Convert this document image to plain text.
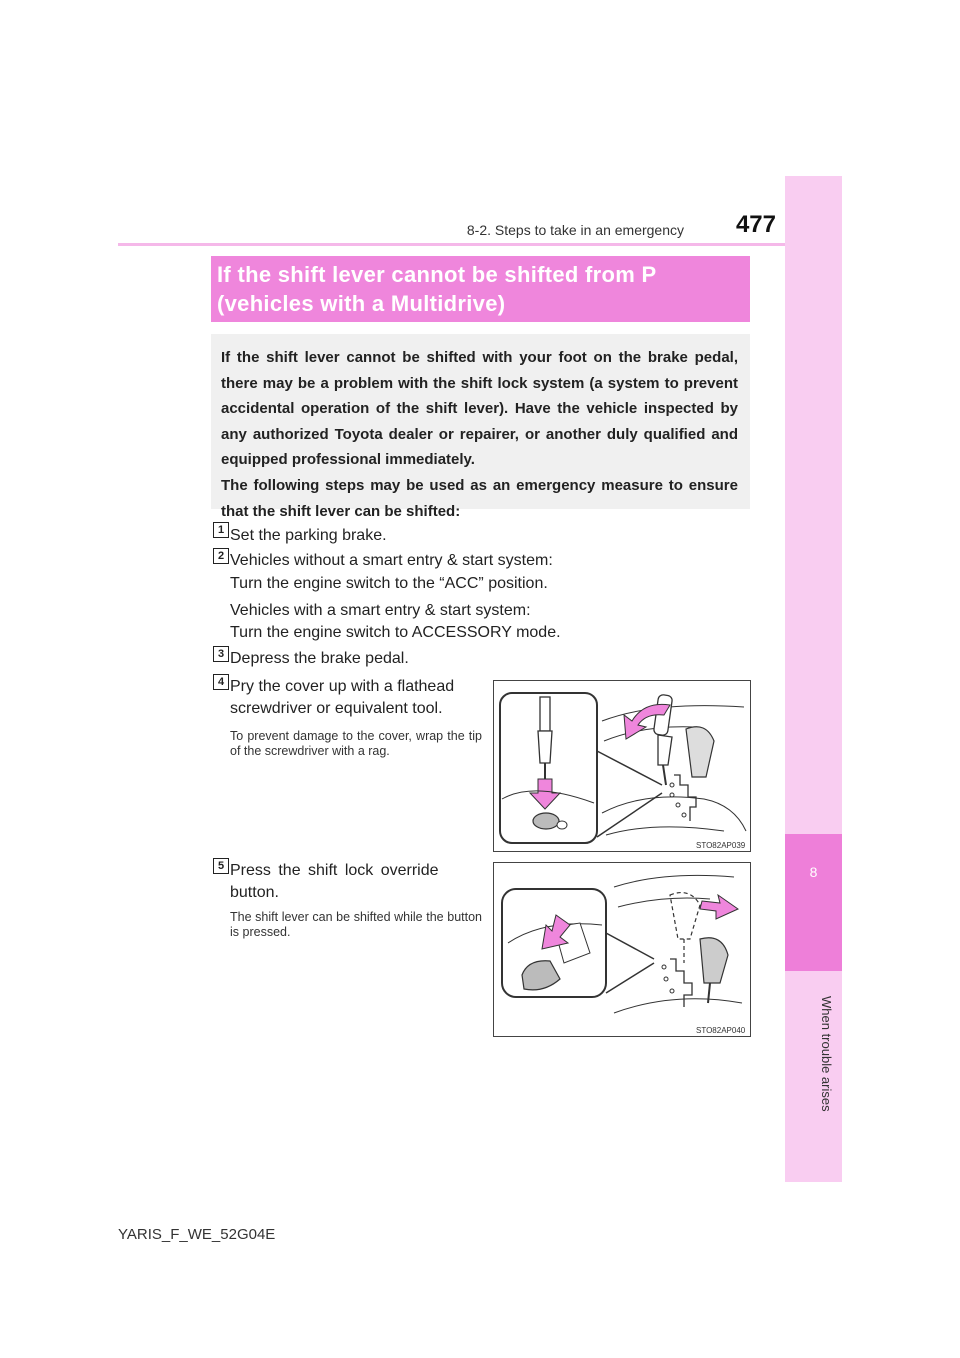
8
When trouble arises
8-2. Steps to take in an emergency	477
If the shift lever cannot be shifted from P
(vehicles with a Multidrive)

If the shift lever cannot be shifted with your foot on the brake pedal, there may be a problem with the shift lock system (a system to prevent accidental operation of the shift lever). Have the vehicle inspected by any authorized Toyota dealer or repairer, or another duly qualified and equipped professional immediately.

The following steps may be used as an emergency measure to ensure that the shift lever can be shifted:

1 Set the parking brake.
2 Vehicles without a smart entry & start system:
Turn the engine switch to the “ACC” position.
Vehicles with a smart entry & start system:
Turn the engine switch to ACCESSORY mode.
3 Depress the brake pedal.
4 Pry the cover up with a flathead
screwdriver or equivalent tool.
To prevent damage to the cover, wrap the tip of the screwdriver with a rag.
STO82AP039
5 Press the shift lock override
button.
The shift lever can be shifted while the button is pressed.
STO82AP040
YARIS_F_WE_52G04E
